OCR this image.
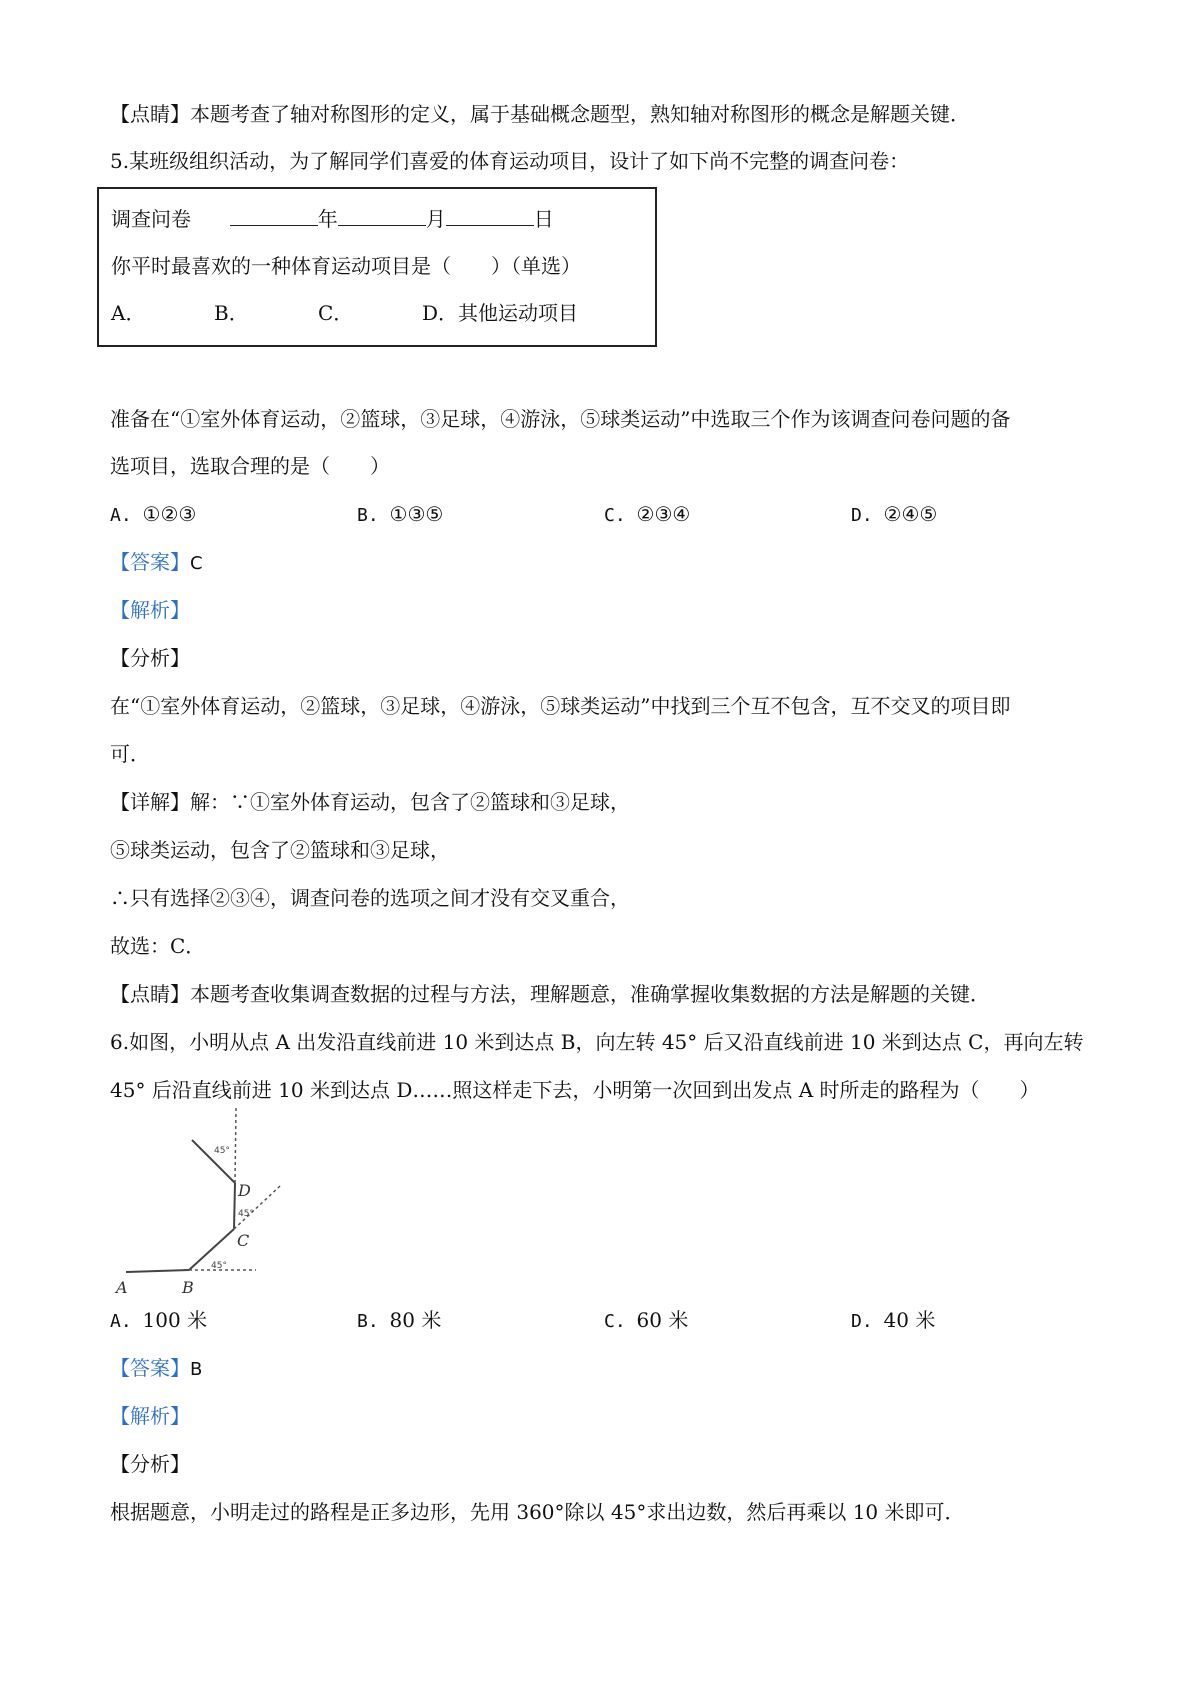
【点睛】本题考查了轴对称图形的定义，属于基础概念题型，熟知轴对称图形的概念是解题关键．
5.某班级组织活动，为了解同学们喜爱的体育运动项目，设计了如下尚不完整的调查问卷：
调查问卷	年	月	日
你平时最喜欢的一种体育运动项目是（　　）（单选）
A．	B．	C．	D．其他运动项目
准备在“①室外体育运动，②篮球，③足球，④游泳，⑤球类运动”中选取三个作为该调查问卷问题的备
选项目，选取合理的是（　　）
A. ①②③	B. ①③⑤	C. ②③④	D. ②④⑤
【答案】C
【解析】
【分析】
在“①室外体育运动，②篮球，③足球，④游泳，⑤球类运动”中找到三个互不包含，互不交叉的项目即
可．
【详解】解：∵①室外体育运动，包含了②篮球和③足球，
⑤球类运动，包含了②篮球和③足球，
∴只有选择②③④，调查问卷的选项之间才没有交叉重合，
故选：C．
【点睛】本题考查收集调查数据的过程与方法，理解题意，准确掌握收集数据的方法是解题的关键．
6.如图，小明从点 A 出发沿直线前进 10 米到达点 B，向左转 45° 后又沿直线前进 10 米到达点 C，再向左转
45° 后沿直线前进 10 米到达点 D……照这样走下去，小明第一次回到出发点 A 时所走的路程为（　　）
A	B
C
D
45°
45°
45°
A. 100 米	B. 80 米	C. 60 米	D. 40 米
【答案】B
【解析】
【分析】
根据题意，小明走过的路程是正多边形，先用 360°除以 45°求出边数，然后再乘以 10 米即可．
